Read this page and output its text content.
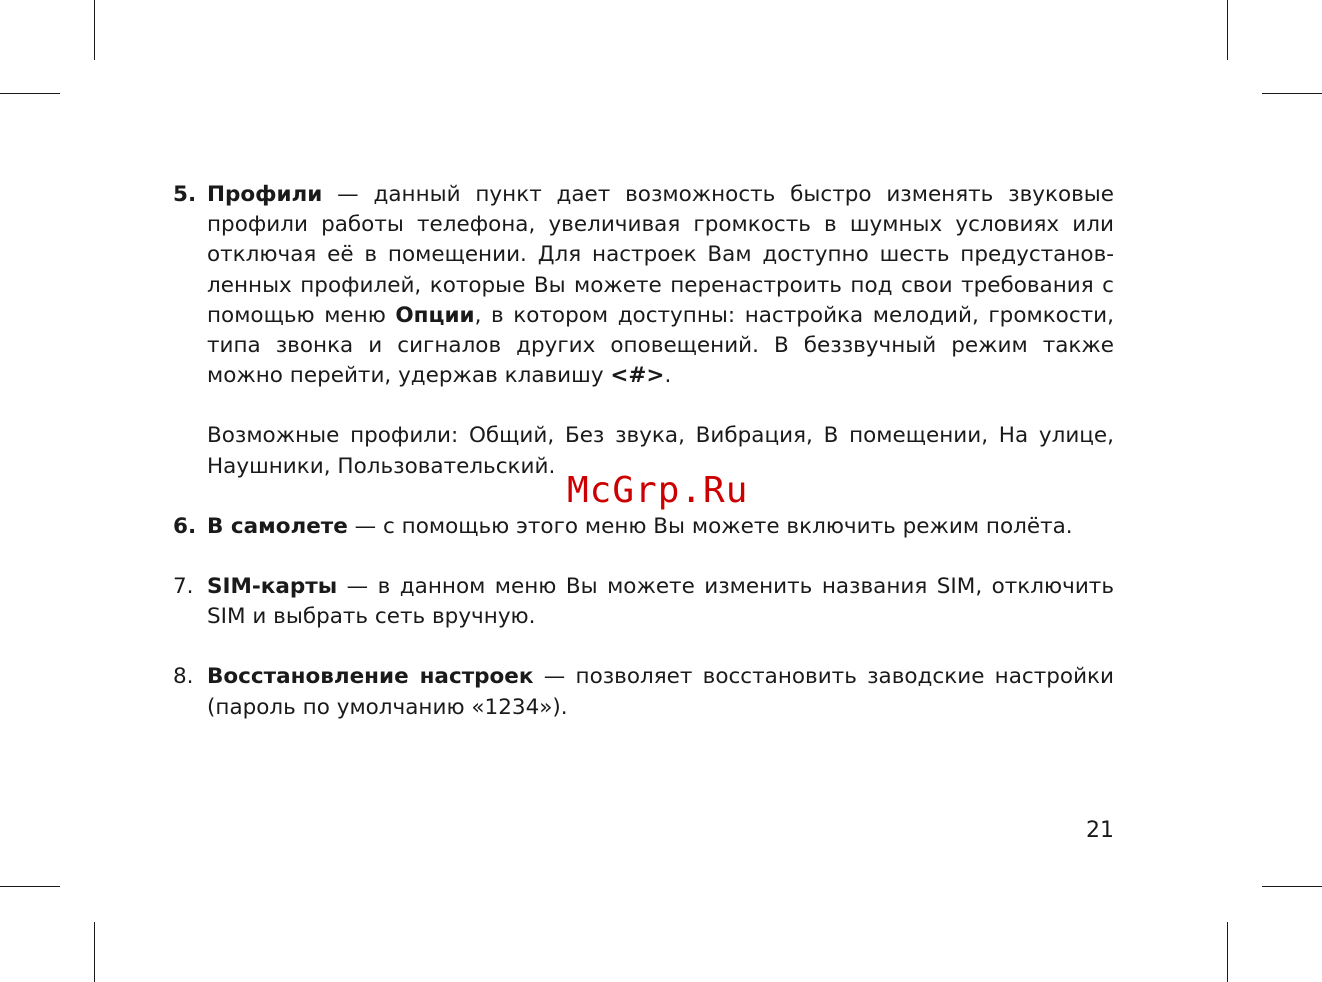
5. Профили — данный пункт дает возможность быстро изменять звуковые профили работы телефона, увеличивая громкость в шумных условиях или отключая её в помещении. Для настроек Вам доступно шесть предустановленных профилей, которые Вы можете перенастроить под свои требования с помощью меню Опции, в котором доступны: настройка мелодий, громкости, типа звонка и сигналов других оповещений. В беззвучный режим также можно перейти, удержав клавишу <#>.
Возможные профили: Общий, Без звука, Вибрация, В помещении, На улице, Наушники, Пользовательский.
6. В самолете — с помощью этого меню Вы можете включить режим полёта.
7. SIM-карты — в данном меню Вы можете изменить названия SIM, отключить SIM и выбрать сеть вручную.
8. Восстановление настроек — позволяет восстановить заводские настройки (пароль по умолчанию «1234»).
McGrp.Ru
21
